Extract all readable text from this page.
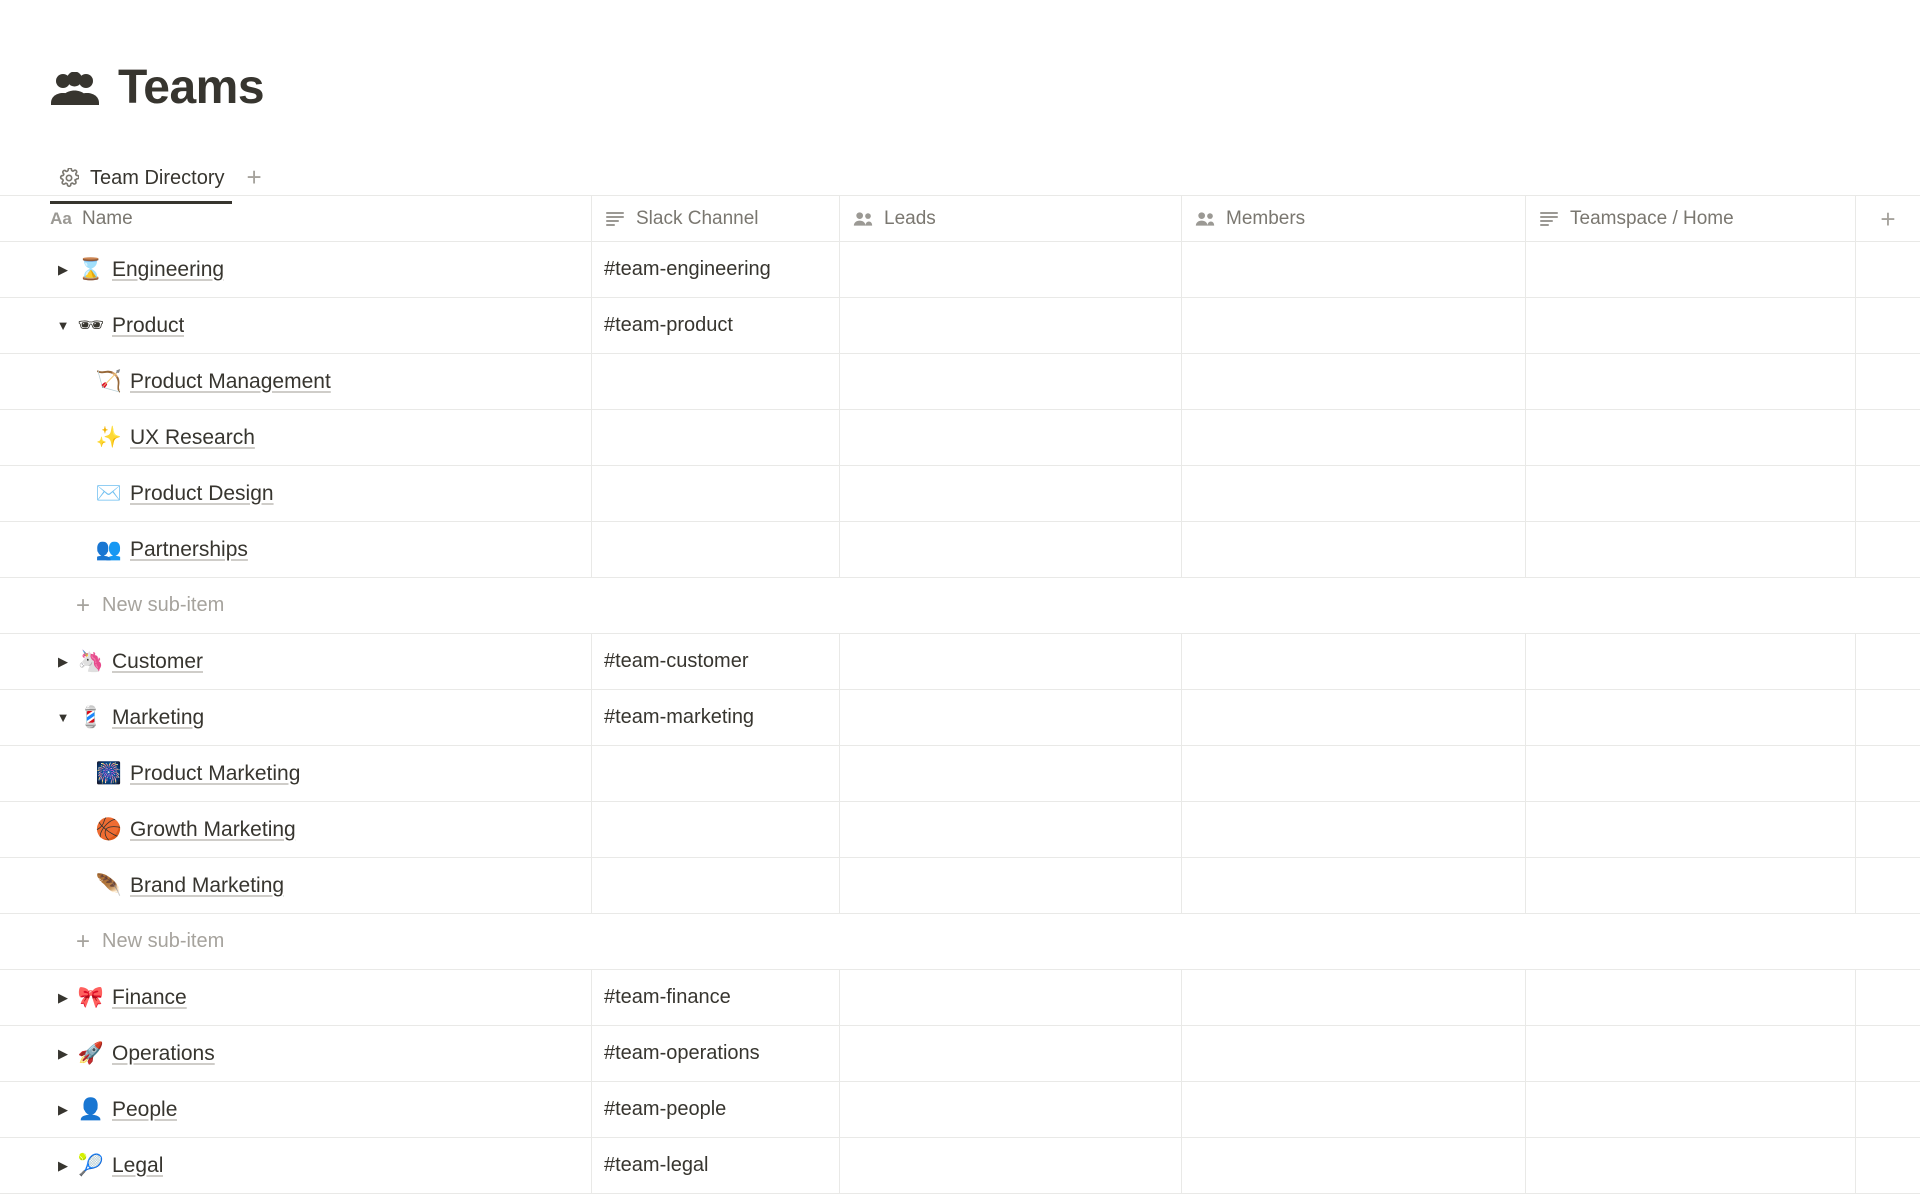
Teams
Team Directory +
Aa Name	Slack Channel	Leads	Members	Teamspace / Home	+
▶ ⌛ Engineering	#team-engineering
▼ 🕶 Product	#team-product
🏹 Product Management
✨ UX Research
✉️ Product Design
👥 Partnerships
+ New sub-item
▶ 🦄 Customer	#team-customer
▼ 💈 Marketing	#team-marketing
🎆 Product Marketing
🏀 Growth Marketing
🪶 Brand Marketing
+ New sub-item
▶ 🎀 Finance	#team-finance
▶ 🚀 Operations	#team-operations
▶ 👤 People	#team-people
▶ 🎾 Legal	#team-legal
